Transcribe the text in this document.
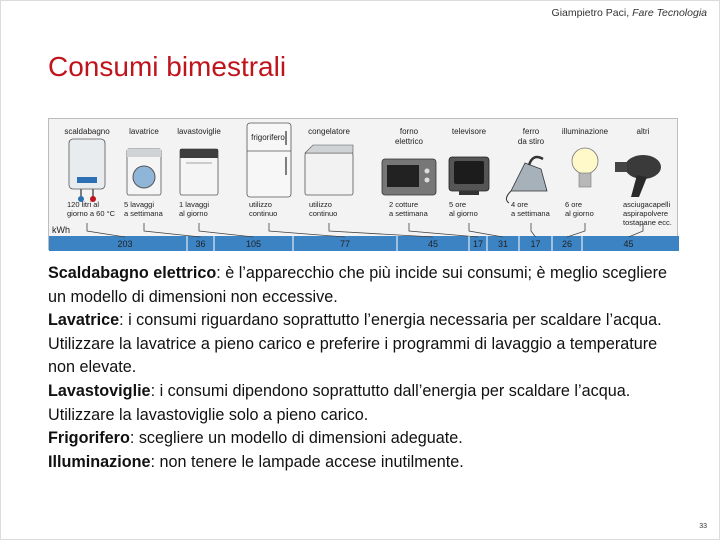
Giampietro Paci, Fare Tecnologia
Consumi bimestrali
kWh
scaldabagno
120 litri al
giorno a 60 °C
203
lavatrice
5 lavaggi
a settimana
36
lavastoviglie
1 lavaggi
al giorno
105
frigorifero
utilizzo
continuo
77
congelatore
utilizzo
continuo
45
forno
elettrico
2 cotture
a settimana
17
televisore
5 ore
al giorno
31
ferro
da stiro
4 ore
a settimana
17
illuminazione
6 ore
al giorno
26
altri
asciugacapelli
aspirapolvere
tostapane ecc.
45

Scaldabagno elettrico: è l’apparecchio che più incide sui consumi; è meglio scegliere un modello di dimensioni non eccessive.

Lavatrice: i consumi riguardano soprattutto l’energia necessaria per scaldare l’acqua. Utilizzare la lavatrice a pieno carico e preferire i programmi di lavaggio a temperature non elevate.

Lavastoviglie: i consumi dipendono soprattutto dall’energia per scaldare l’acqua. Utilizzare la lavastoviglie solo a pieno carico.

Frigorifero: scegliere un modello di dimensioni adeguate.

Illuminazione: non tenere le lampade accese inutilmente.

33
